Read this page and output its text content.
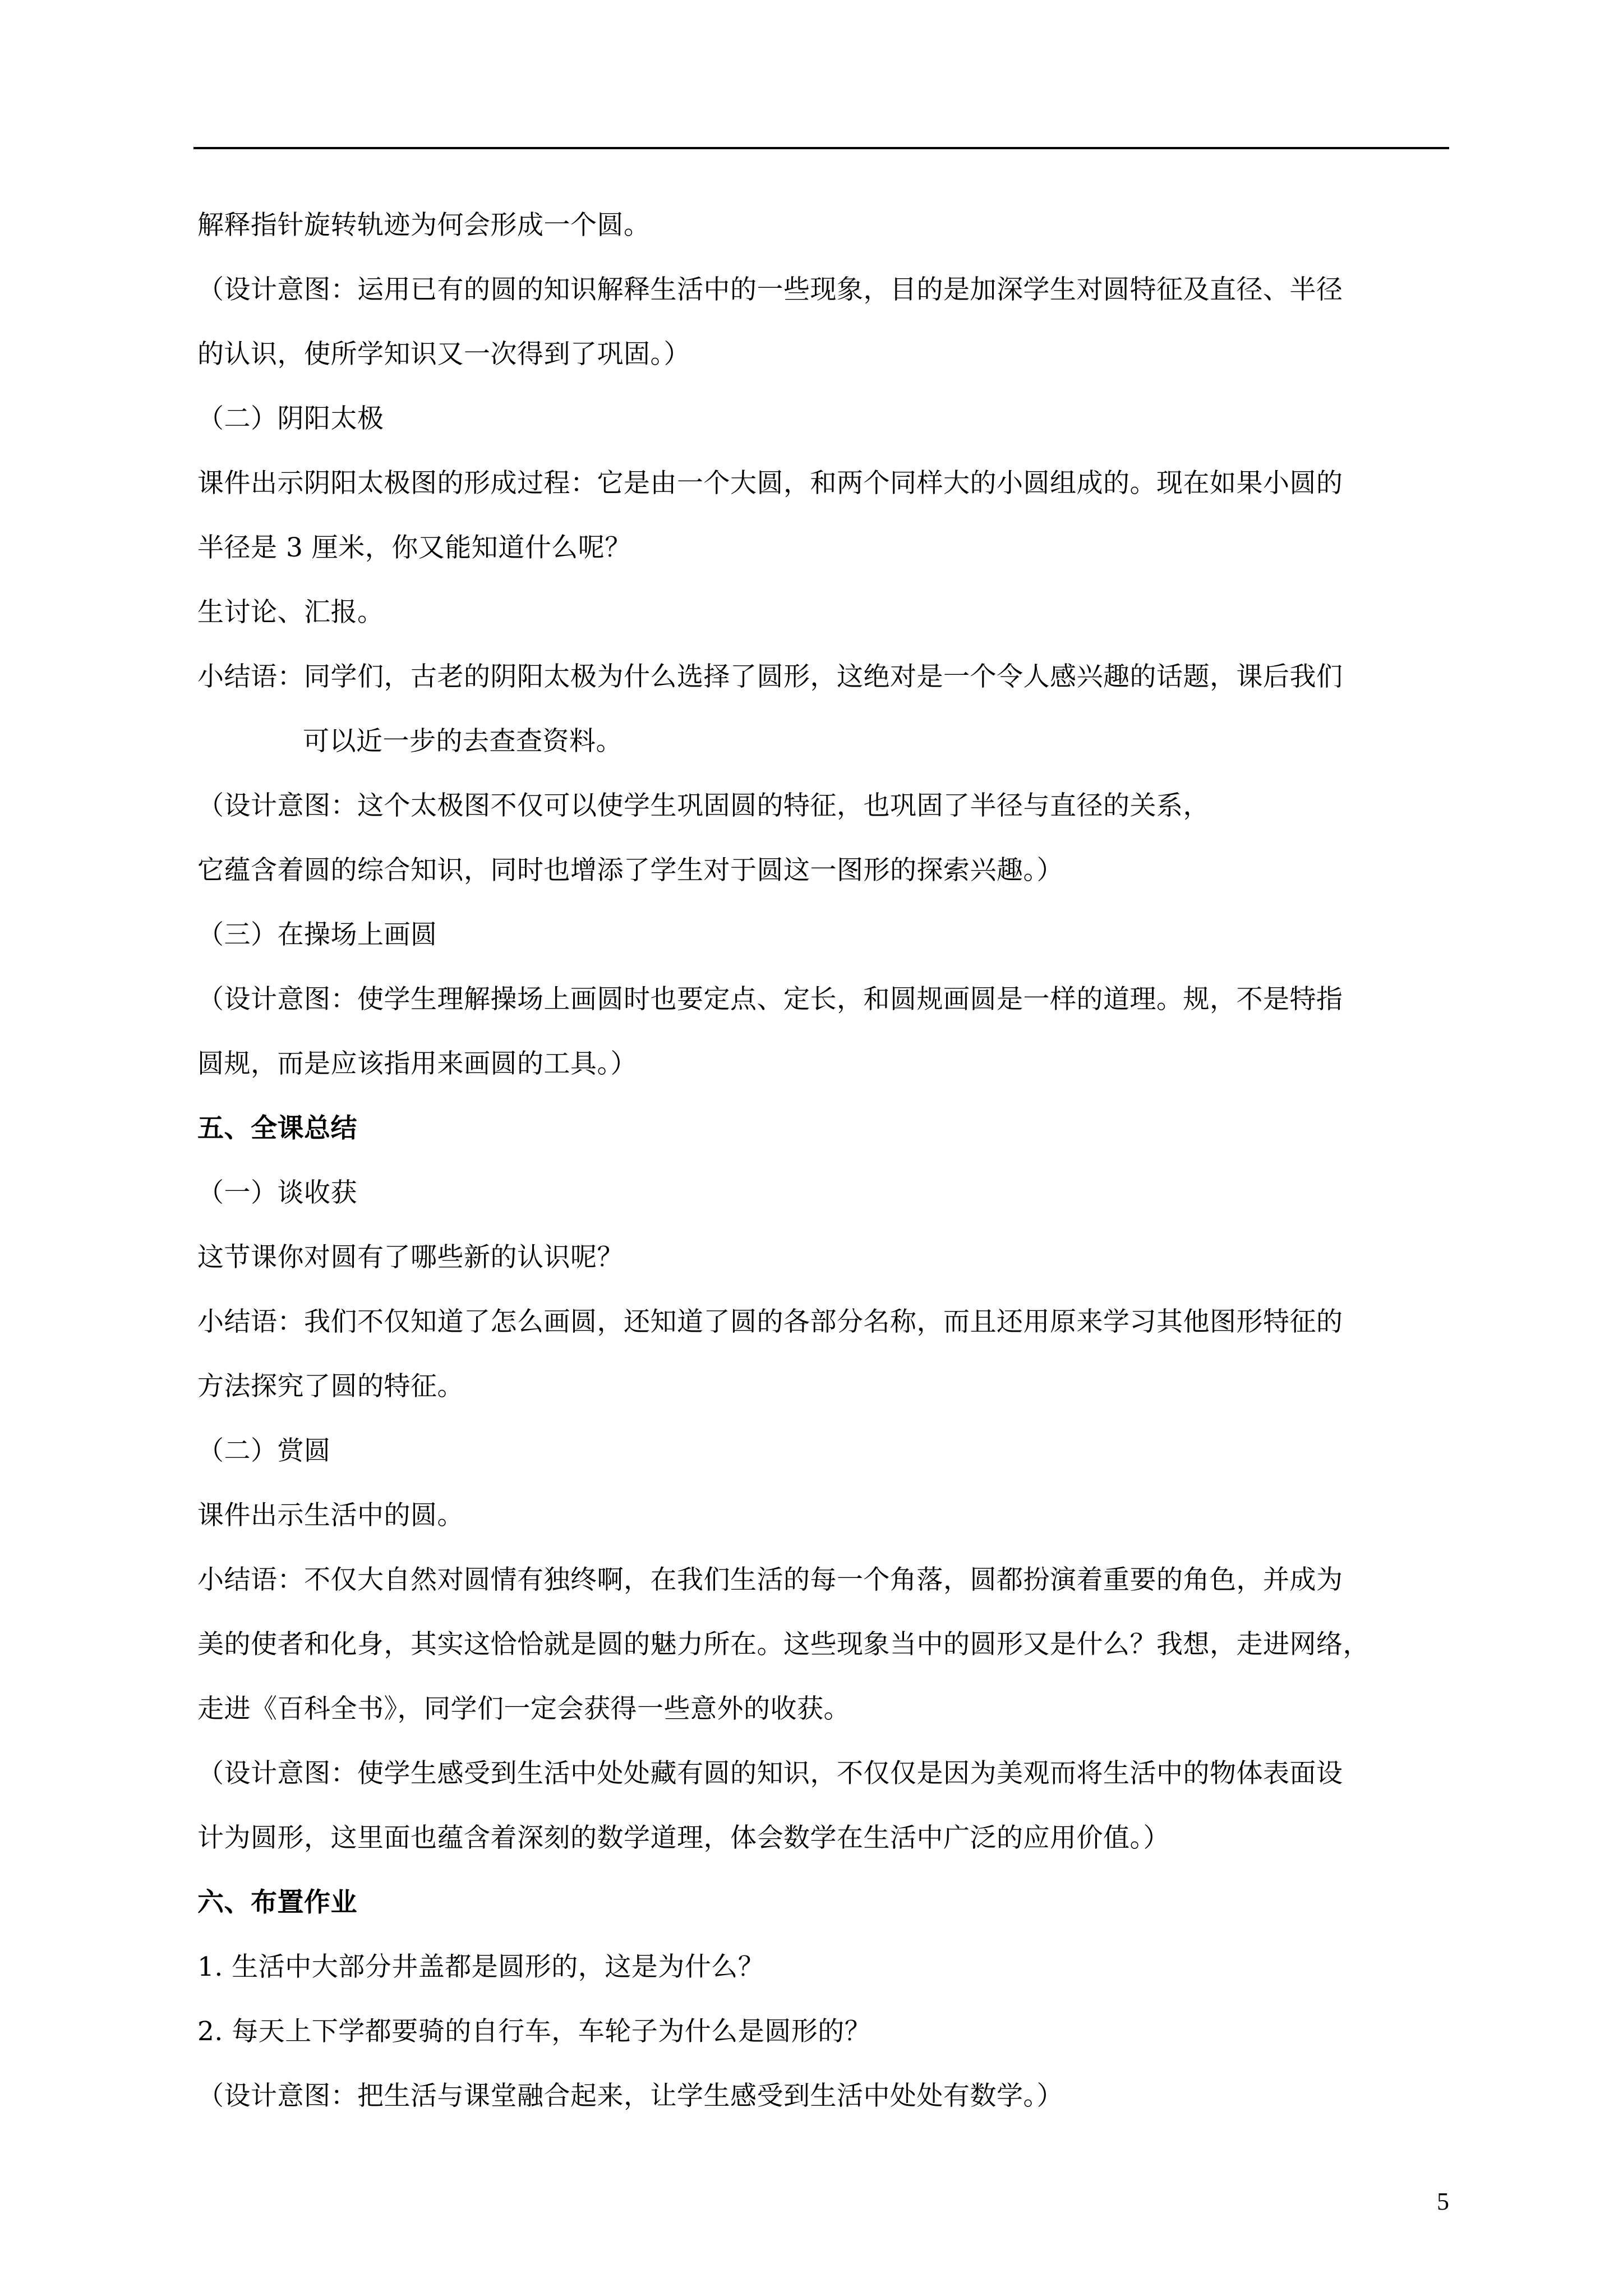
解释指针旋转轨迹为何会形成一个圆。
（设计意图：运用已有的圆的知识解释生活中的一些现象，目的是加深学生对圆特征及直径、半径
的认识，使所学知识又一次得到了巩固。）
（二）阴阳太极
课件出示阴阳太极图的形成过程：它是由一个大圆，和两个同样大的小圆组成的。现在如果小圆的
半径是 3 厘米，你又能知道什么呢？
生讨论、汇报。
小结语：同学们，古老的阴阳太极为什么选择了圆形，这绝对是一个令人感兴趣的话题，课后我们
可以近一步的去查查资料。
（设计意图：这个太极图不仅可以使学生巩固圆的特征，也巩固了半径与直径的关系，
它蕴含着圆的综合知识，同时也增添了学生对于圆这一图形的探索兴趣。）
（三）在操场上画圆
（设计意图：使学生理解操场上画圆时也要定点、定长，和圆规画圆是一样的道理。规，不是特指
圆规，而是应该指用来画圆的工具。）
五、全课总结
（一）谈收获
这节课你对圆有了哪些新的认识呢？
小结语：我们不仅知道了怎么画圆，还知道了圆的各部分名称，而且还用原来学习其他图形特征的
方法探究了圆的特征。
（二）赏圆
课件出示生活中的圆。
小结语：不仅大自然对圆情有独终啊，在我们生活的每一个角落，圆都扮演着重要的角色，并成为
美的使者和化身，其实这恰恰就是圆的魅力所在。这些现象当中的圆形又是什么？我想，走进网络，
走进《百科全书》，同学们一定会获得一些意外的收获。
（设计意图：使学生感受到生活中处处藏有圆的知识，不仅仅是因为美观而将生活中的物体表面设
计为圆形，这里面也蕴含着深刻的数学道理，体会数学在生活中广泛的应用价值。）
六、布置作业
1. 生活中大部分井盖都是圆形的，这是为什么？
2. 每天上下学都要骑的自行车，车轮子为什么是圆形的？
（设计意图：把生活与课堂融合起来，让学生感受到生活中处处有数学。）
5
